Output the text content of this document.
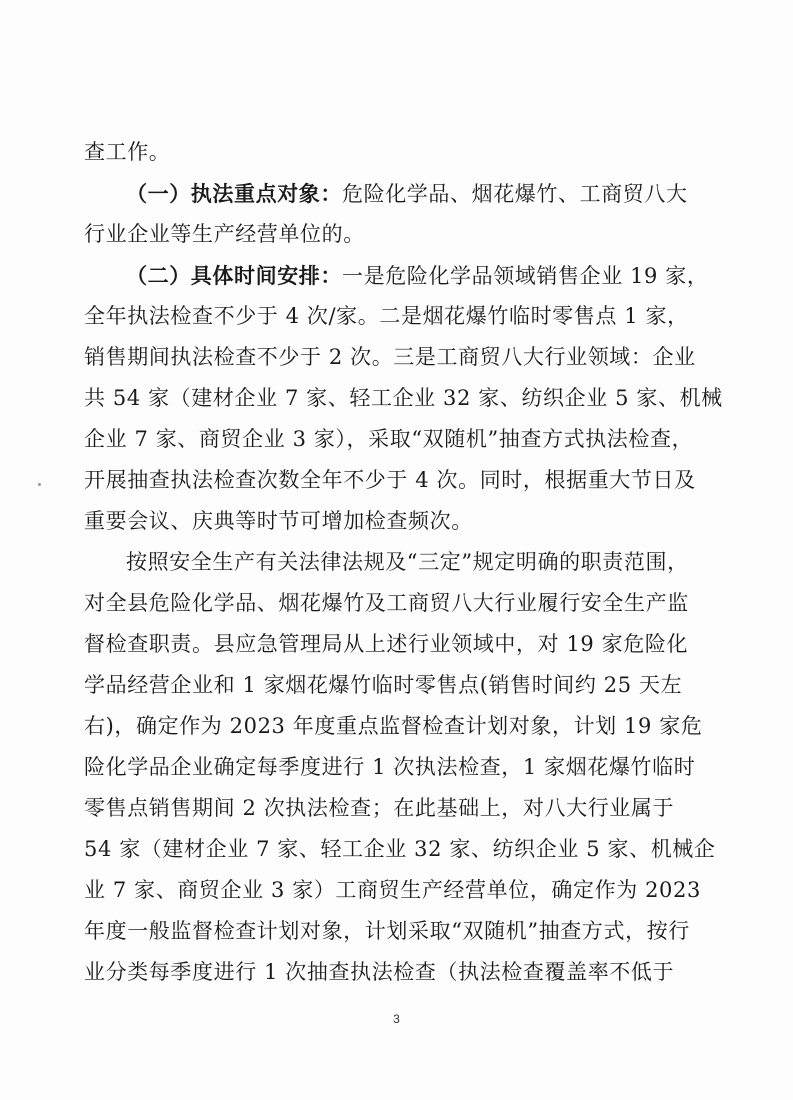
查工作。
（一）执法重点对象：危险化学品、烟花爆竹、工商贸八大
行业企业等生产经营单位的。
（二）具体时间安排：一是危险化学品领域销售企业 19 家，
全年执法检查不少于 4 次/家。二是烟花爆竹临时零售点 1 家，
销售期间执法检查不少于 2 次。三是工商贸八大行业领域：企业
共 54 家（建材企业 7 家、轻工企业 32 家、纺织企业 5 家、机械
企业 7 家、商贸企业 3 家），采取“双随机”抽查方式执法检查，
开展抽查执法检查次数全年不少于 4 次。同时，根据重大节日及
重要会议、庆典等时节可增加检查频次。
按照安全生产有关法律法规及“三定”规定明确的职责范围，
对全县危险化学品、烟花爆竹及工商贸八大行业履行安全生产监
督检查职责。县应急管理局从上述行业领域中，对 19 家危险化
学品经营企业和 1 家烟花爆竹临时零售点(销售时间约 25 天左
右)，确定作为 2023 年度重点监督检查计划对象，计划 19 家危
险化学品企业确定每季度进行 1 次执法检查，1 家烟花爆竹临时
零售点销售期间 2 次执法检查；在此基础上，对八大行业属于
54 家（建材企业 7 家、轻工企业 32 家、纺织企业 5 家、机械企
业 7 家、商贸企业 3 家）工商贸生产经营单位，确定作为 2023
年度一般监督检查计划对象，计划采取“双随机”抽查方式，按行
业分类每季度进行 1 次抽查执法检查（执法检查覆盖率不低于
3
